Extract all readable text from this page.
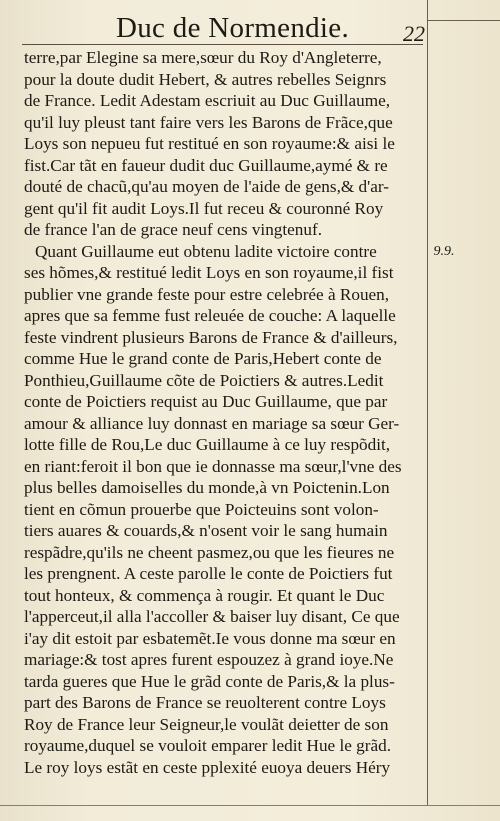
Duc de Normendie.	22
terre,par Elegine sa mere,sœur du Roy d'Angleterre,
pour la doute dudit Hebert, & autres rebelles Seignrs
de France. Ledit Adestam escriuit au Duc Guillaume,
qu'il luy pleust tant faire vers les Barons de Frãce,que
Loys son nepueu fut restitué en son royaume:& aisi le
fist.Car tãt en faueur dudit duc Guillaume,aymé & re
douté de chacũ,qu'au moyen de l'aide de gens,& d'ar-
gent qu'il fit audit Loys.Il fut receu & couronné Roy
de france l'an de grace neuf cens vingtenuf.
Quant Guillaume eut obtenu ladite victoire contre
ses hõmes,& restitué ledit Loys en son royaume,il fist
publier vne grande feste pour estre celebrée à Rouen,
apres que sa femme fust releuée de couche: A laquelle
feste vindrent plusieurs Barons de France & d'ailleurs,
comme Hue le grand conte de Paris,Hebert conte de
Ponthieu,Guillaume cõte de Poictiers & autres.Ledit
conte de Poictiers requist au Duc Guillaume, que par
amour & alliance luy donnast en mariage sa sœur Ger-
lotte fille de Rou,Le duc Guillaume à ce luy respõdit,
en riant:feroit il bon que ie donnasse ma sœur,l'vne des
plus belles damoiselles du monde,à vn Poictenin.Lon
tient en cõmun prouerbe que Poicteuins sont volon-
tiers auares & couards,& n'osent voir le sang humain
respãdre,qu'ils ne cheent pasmez,ou que les fieures ne
les prengnent. A ceste parolle le conte de Poictiers fut
tout honteux, & commença à rougir. Et quant le Duc
l'apperceut,il alla l'accoller & baiser luy disant, Ce que
i'ay dit estoit par esbatemẽt.Ie vous donne ma sœur en
mariage:& tost apres furent espouzez à grand ioye.Ne
tarda gueres que Hue le grãd conte de Paris,& la plus-
part des Barons de France se reuolterent contre Loys
Roy de France leur Seigneur,le voulãt deietter de son
royaume,duquel se vouloit emparer ledit Hue le grãd.
Le roy loys estãt en ceste pplexité euoya deuers Héry
9.9.
